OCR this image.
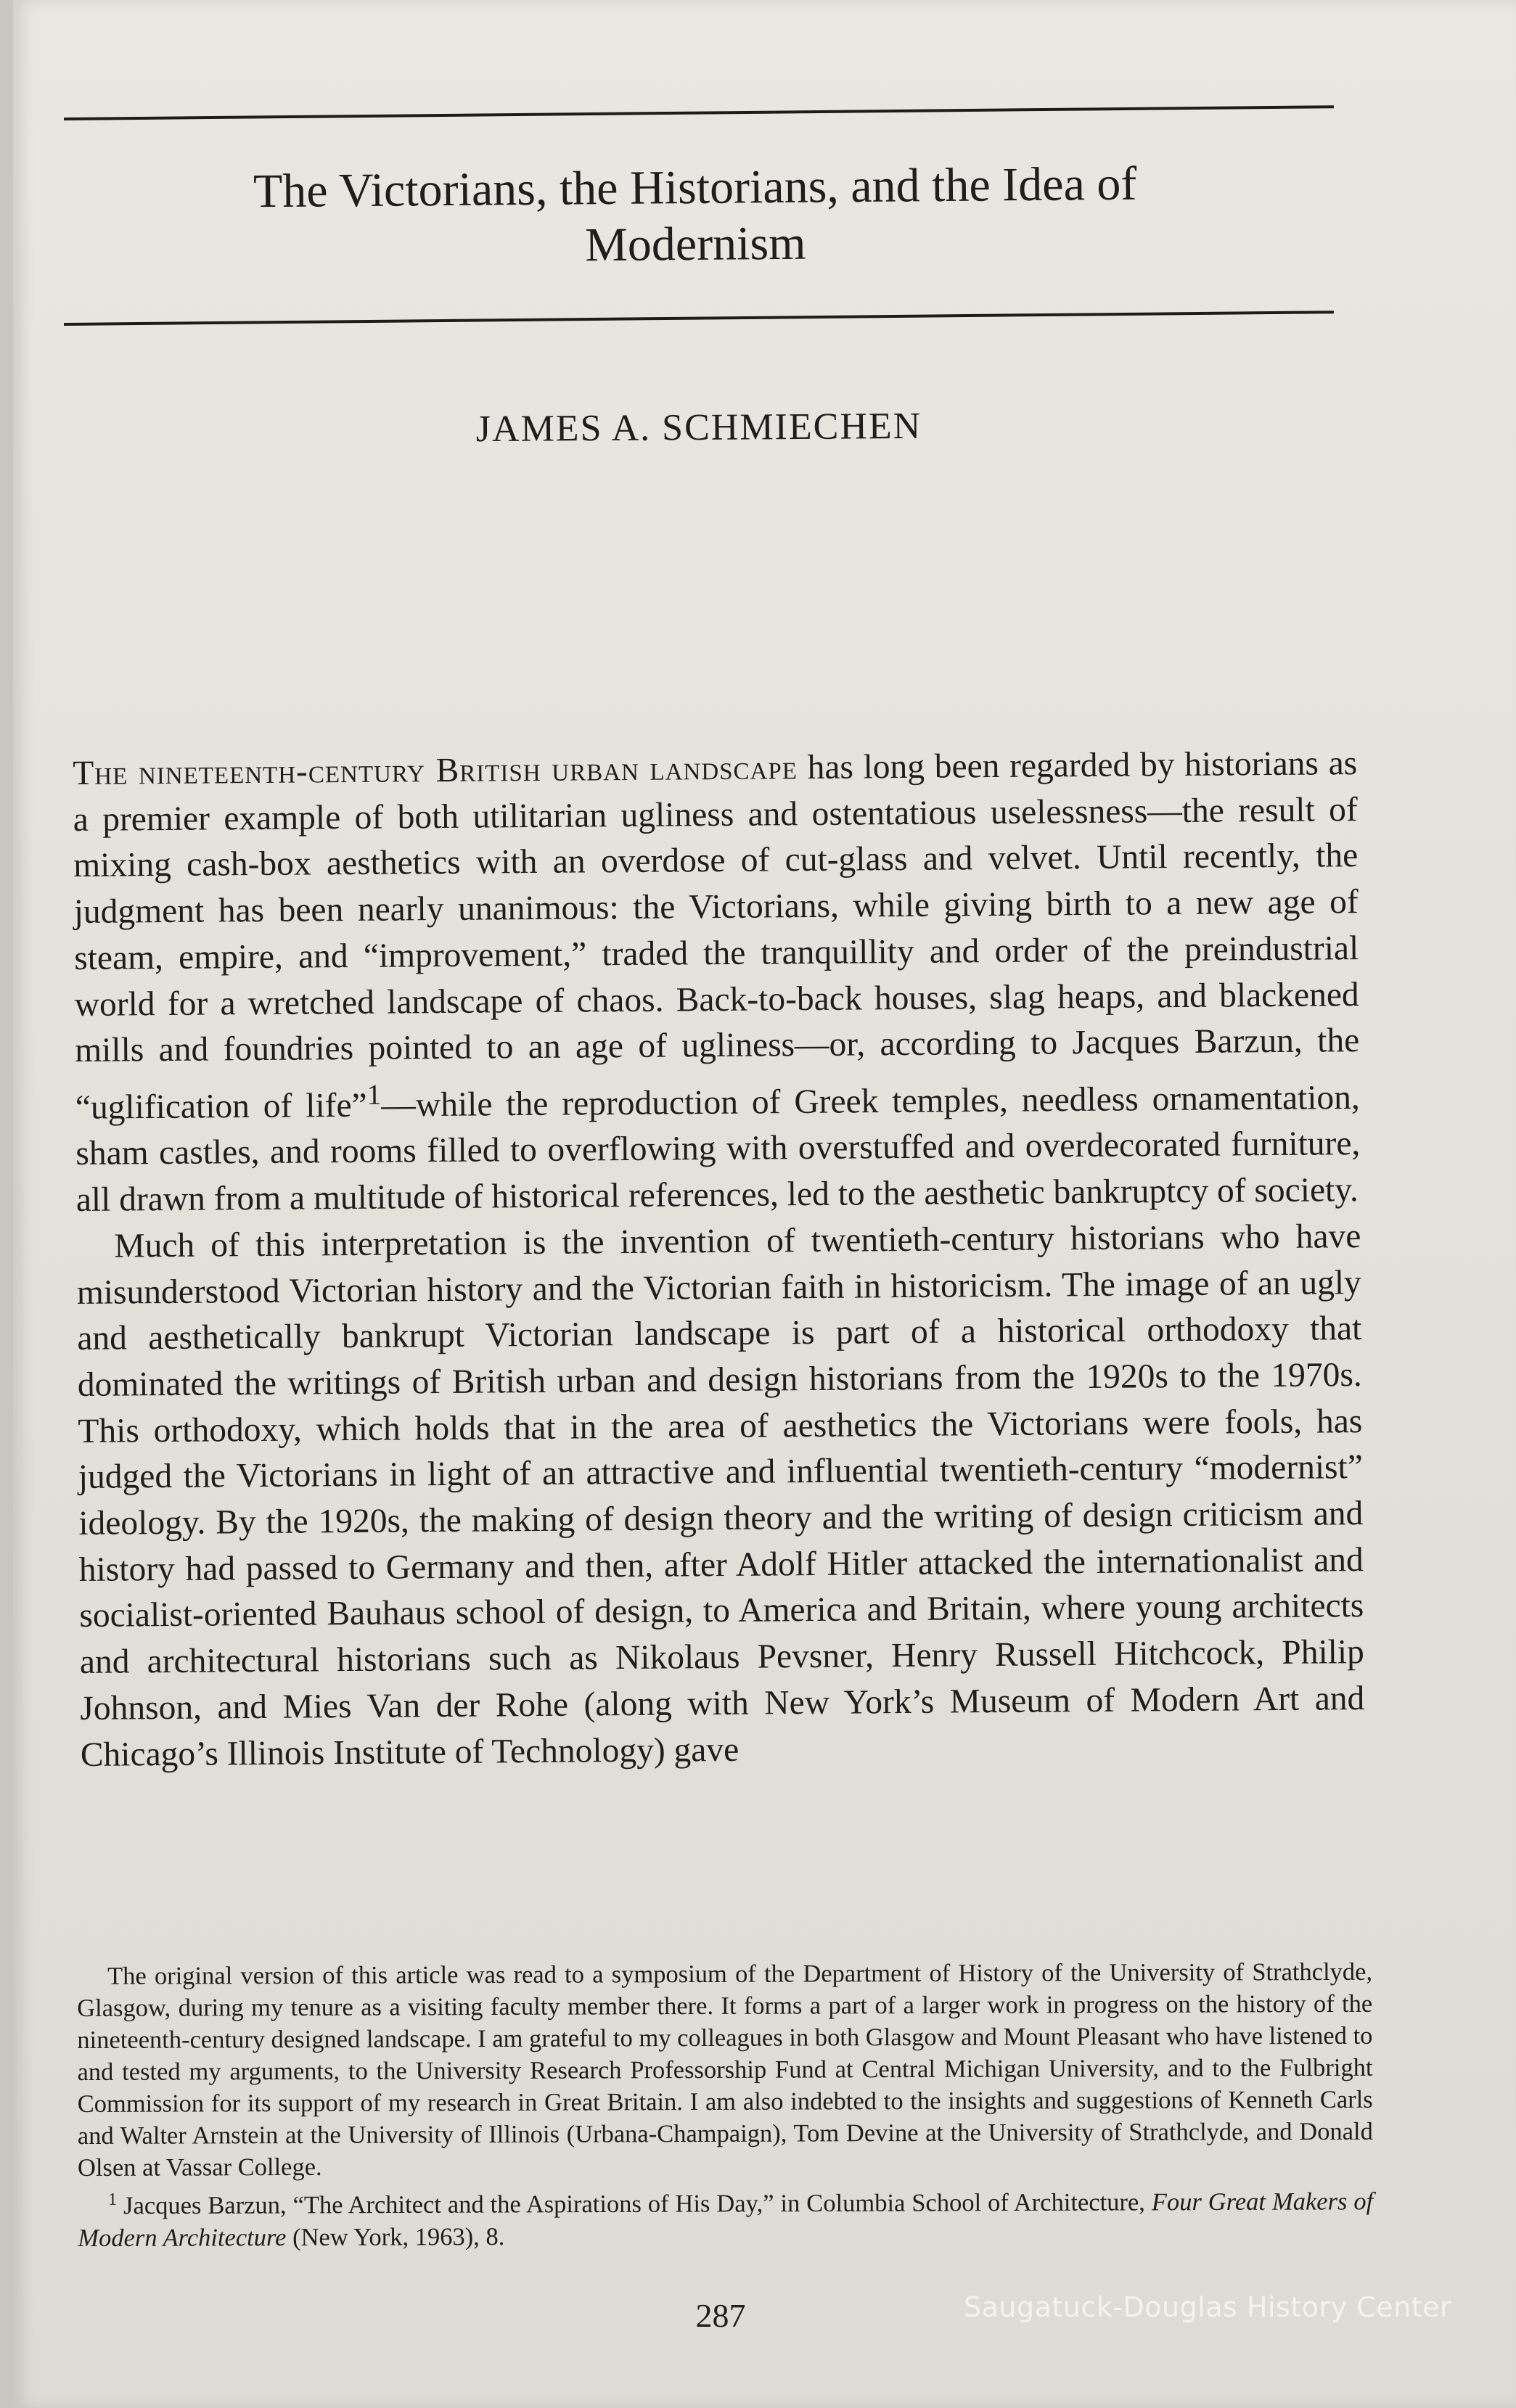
The Victorians, the Historians, and the Idea of
Modernism
JAMES A. SCHMIECHEN

The nineteenth-century British urban landscape has long been regarded by historians as a premier example of both utilitarian ugliness and ostentatious uselessness—the result of mixing cash-box aesthetics with an overdose of cut-glass and velvet. Until recently, the judgment has been nearly unanimous: the Victorians, while giving birth to a new age of steam, empire, and “improvement,” traded the tranquillity and order of the preindustrial world for a wretched landscape of chaos. Back-to-back houses, slag heaps, and blackened mills and foundries pointed to an age of ugliness—or, according to Jacques Barzun, the “uglification of life”$^1$—while the reproduction of Greek temples, needless ornamentation, sham castles, and rooms filled to overflowing with overstuffed and overdecorated furniture, all drawn from a multitude of historical references, led to the aesthetic bankruptcy of society.

Much of this interpretation is the invention of twentieth-century historians who have misunderstood Victorian history and the Victorian faith in historicism. The image of an ugly and aesthetically bankrupt Victorian landscape is part of a historical orthodoxy that dominated the writings of British urban and design historians from the 1920s to the 1970s. This orthodoxy, which holds that in the area of aesthetics the Victorians were fools, has judged the Victorians in light of an attractive and influential twentieth-century “modernist” ideology. By the 1920s, the making of design theory and the writing of design criticism and history had passed to Germany and then, after Adolf Hitler attacked the internationalist and socialist-oriented Bauhaus school of design, to America and Britain, where young architects and architectural historians such as Nikolaus Pevsner, Henry Russell Hitchcock, Philip Johnson, and Mies Van der Rohe (along with New York’s Museum of Modern Art and Chicago’s Illinois Institute of Technology) gave

The original version of this article was read to a symposium of the Department of History of the University of Strathclyde, Glasgow, during my tenure as a visiting faculty member there. It forms a part of a larger work in progress on the history of the nineteenth-century designed landscape. I am grateful to my colleagues in both Glasgow and Mount Pleasant who have listened to and tested my arguments, to the University Research Professorship Fund at Central Michigan University, and to the Fulbright Commission for its support of my research in Great Britain. I am also indebted to the insights and suggestions of Kenneth Carls and Walter Arnstein at the University of Illinois (Urbana-Champaign), Tom Devine at the University of Strathclyde, and Donald Olsen at Vassar College.

$^1$ Jacques Barzun, “The Architect and the Aspirations of His Day,” in Columbia School of Architecture, Four Great Makers of Modern Architecture (New York, 1963), 8.

287	Saugatuck-Douglas History Center
